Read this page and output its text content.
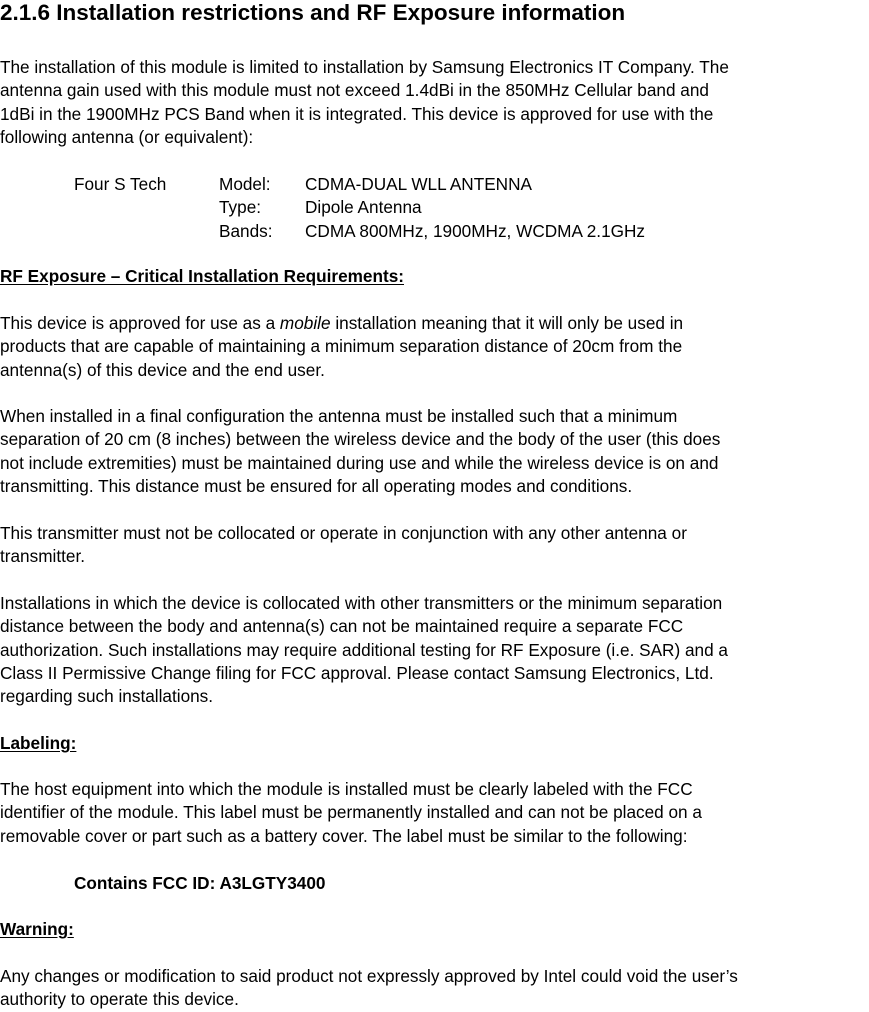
2.1.6 Installation restrictions and RF Exposure information

The installation of this module is limited to installation by Samsung Electronics IT Company. The

antenna gain used with this module must not exceed 1.4dBi in the 850MHz Cellular band and

1dBi in the 1900MHz PCS Band when it is integrated. This device is approved for use with the

following antenna (or equivalent):

Four S Tech	Model: CDMA-DUAL WLL ANTENNA
Type:	Dipole Antenna
Bands: CDMA 800MHz, 1900MHz, WCDMA 2.1GHz
RF Exposure – Critical Installation Requirements:

This device is approved for use as a mobile installation meaning that it will only be used in

products that are capable of maintaining a minimum separation distance of 20cm from the

antenna(s) of this device and the end user.

When installed in a final configuration the antenna must be installed such that a minimum

separation of 20 cm (8 inches) between the wireless device and the body of the user (this does

not include extremities) must be maintained during use and while the wireless device is on and

transmitting. This distance must be ensured for all operating modes and conditions.

This transmitter must not be collocated or operate in conjunction with any other antenna or

transmitter.

Installations in which the device is collocated with other transmitters or the minimum separation

distance between the body and antenna(s) can not be maintained require a separate FCC

authorization. Such installations may require additional testing for RF Exposure (i.e. SAR) and a

Class II Permissive Change filing for FCC approval. Please contact Samsung Electronics, Ltd.

regarding such installations.

Labeling:

The host equipment into which the module is installed must be clearly labeled with the FCC

identifier of the module. This label must be permanently installed and can not be placed on a

removable cover or part such as a battery cover. The label must be similar to the following:

Contains FCC ID: A3LGTY3400
Warning:

Any changes or modification to said product not expressly approved by Intel could void the user’s

authority to operate this device.
